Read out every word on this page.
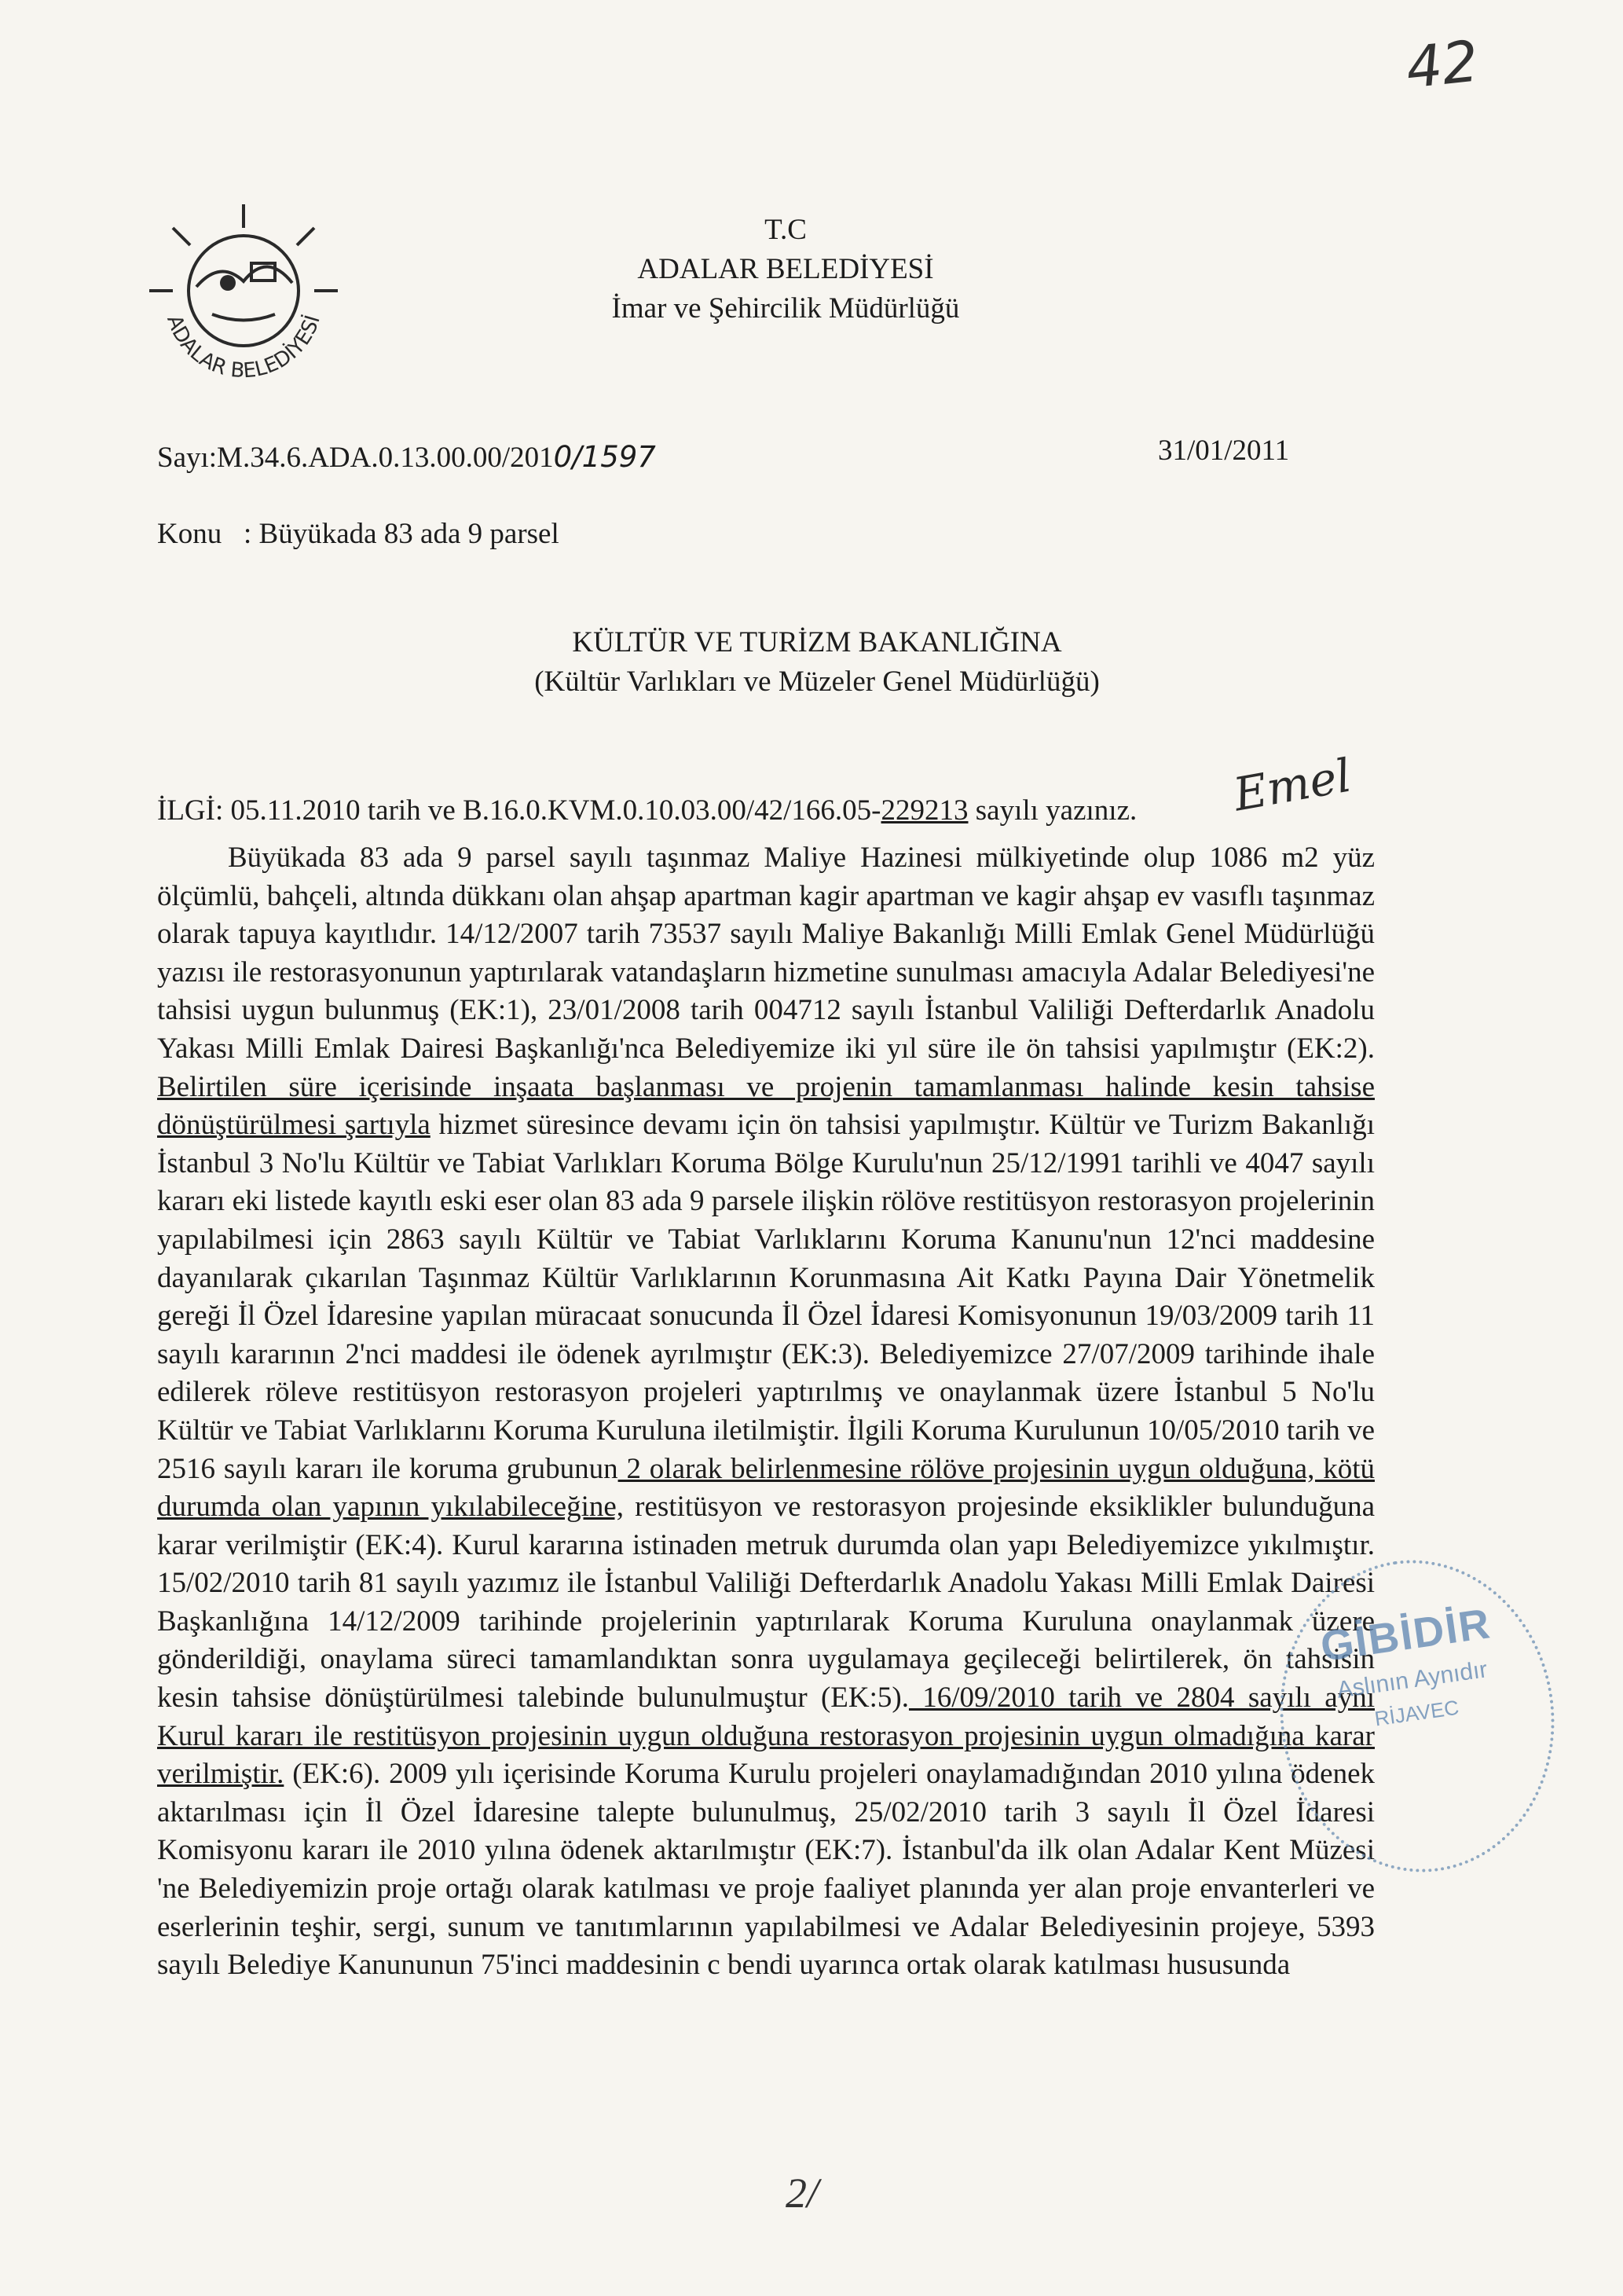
42
ADALAR BELEDİYESİ
T.C
ADALAR BELEDİYESİ
İmar ve Şehircilik Müdürlüğü
Sayı:M.34.6.ADA.0.13.00.00/2010/1597	31/01/2011
Konu : Büyükada 83 ada 9 parsel
KÜLTÜR VE TURİZM BAKANLIĞINA
(Kültür Varlıkları ve Müzeler Genel Müdürlüğü)
İLGİ: 05.11.2010 tarih ve B.16.0.KVM.0.10.03.00/42/166.05-229213 sayılı yazınız. Emel
Büyükada 83 ada 9 parsel sayılı taşınmaz Maliye Hazinesi mülkiyetinde olup 1086 m2 yüz ölçümlü, bahçeli, altında dükkanı olan ahşap apartman kagir apartman ve kagir ahşap ev vasıflı taşınmaz olarak tapuya kayıtlıdır. 14/12/2007 tarih 73537 sayılı Maliye Bakanlığı Milli Emlak Genel Müdürlüğü yazısı ile restorasyonunun yaptırılarak vatandaşların hizmetine sunulması amacıyla Adalar Belediyesi'ne tahsisi uygun bulunmuş (EK:1), 23/01/2008 tarih 004712 sayılı İstanbul Valiliği Defterdarlık Anadolu Yakası Milli Emlak Dairesi Başkanlığı'nca Belediyemize iki yıl süre ile ön tahsisi yapılmıştır (EK:2). Belirtilen süre içerisinde inşaata başlanması ve projenin tamamlanması halinde kesin tahsise dönüştürülmesi şartıyla hizmet süresince devamı için ön tahsisi yapılmıştır. Kültür ve Turizm Bakanlığı İstanbul 3 No'lu Kültür ve Tabiat Varlıkları Koruma Bölge Kurulu'nun 25/12/1991 tarihli ve 4047 sayılı kararı eki listede kayıtlı eski eser olan 83 ada 9 parsele ilişkin rölöve restitüsyon restorasyon projelerinin yapılabilmesi için 2863 sayılı Kültür ve Tabiat Varlıklarını Koruma Kanunu'nun 12'nci maddesine dayanılarak çıkarılan Taşınmaz Kültür Varlıklarının Korunmasına Ait Katkı Payına Dair Yönetmelik gereği İl Özel İdaresine yapılan müracaat sonucunda İl Özel İdaresi Komisyonunun 19/03/2009 tarih 11 sayılı kararının 2'nci maddesi ile ödenek ayrılmıştır (EK:3). Belediyemizce 27/07/2009 tarihinde ihale edilerek röleve restitüsyon restorasyon projeleri yaptırılmış ve onaylanmak üzere İstanbul 5 No'lu Kültür ve Tabiat Varlıklarını Koruma Kuruluna iletilmiştir. İlgili Koruma Kurulunun 10/05/2010 tarih ve 2516 sayılı kararı ile koruma grubunun 2 olarak belirlenmesine rölöve projesinin uygun olduğuna, kötü durumda olan yapının yıkılabileceğine, restitüsyon ve restorasyon projesinde eksiklikler bulunduğuna karar verilmiştir (EK:4). Kurul kararına istinaden metruk durumda olan yapı Belediyemizce yıkılmıştır. 15/02/2010 tarih 81 sayılı yazımız ile İstanbul Valiliği Defterdarlık Anadolu Yakası Milli Emlak Dairesi Başkanlığına 14/12/2009 tarihinde projelerinin yaptırılarak Koruma Kuruluna onaylanmak üzere gönderildiği, onaylama süreci tamamlandıktan sonra uygulamaya geçileceği belirtilerek, ön tahsisin kesin tahsise dönüştürülmesi talebinde bulunulmuştur (EK:5). 16/09/2010 tarih ve 2804 sayılı aynı Kurul kararı ile restitüsyon projesinin uygun olduğuna restorasyon projesinin uygun olmadığına karar verilmiştir. (EK:6). 2009 yılı içerisinde Koruma Kurulu projeleri onaylamadığından 2010 yılına ödenek aktarılması için İl Özel İdaresine talepte bulunulmuş, 25/02/2010 tarih 3 sayılı İl Özel İdaresi Komisyonu kararı ile 2010 yılına ödenek aktarılmıştır (EK:7). İstanbul'da ilk olan Adalar Kent Müzesi 'ne Belediyemizin proje ortağı olarak katılması ve proje faaliyet planında yer alan proje envanterleri ve eserlerinin teşhir, sergi, sunum ve tanıtımlarının yapılabilmesi ve Adalar Belediyesinin projeye, 5393 sayılı Belediye Kanununun 75'inci maddesinin c bendi uyarınca ortak olarak katılması hususunda
GİBİDİR
Aslının Aynıdır
RİJAVEC
2/
